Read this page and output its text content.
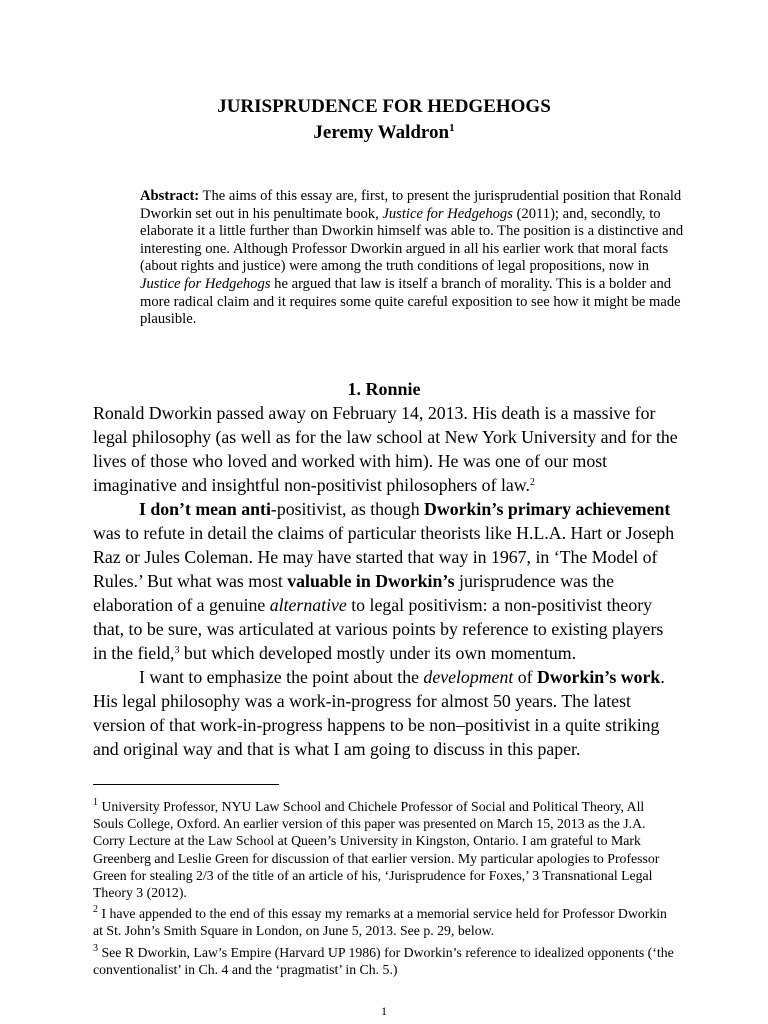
JURISPRUDENCE FOR HEDGEHOGS
Jeremy Waldron$^1$
Abstract: The aims of this essay are, first, to present the jurisprudential position that Ronald Dworkin set out in his penultimate book, Justice for Hedgehogs (2011); and, secondly, to elaborate it a little further than Dworkin himself was able to. The position is a distinctive and interesting one. Although Professor Dworkin argued in all his earlier work that moral facts (about rights and justice) were among the truth conditions of legal propositions, now in Justice for Hedgehogs he argued that law is itself a branch of morality. This is a bolder and more radical claim and it requires some quite careful exposition to see how it might be made plausible.
1. Ronnie

Ronald Dworkin passed away on February 14, 2013. His death is a massive for legal philosophy (as well as for the law school at New York University and for the lives of those who loved and worked with him). He was one of our most imaginative and insightful non-positivist philosophers of law.$^2$

I don’t mean anti-positivist, as though Dworkin’s primary achievement was to refute in detail the claims of particular theorists like H.L.A. Hart or Joseph Raz or Jules Coleman. He may have started that way in 1967, in ‘The Model of Rules.’ But what was most valuable in Dworkin’s jurisprudence was the elaboration of a genuine alternative to legal positivism: a non-positivist theory that, to be sure, was articulated at various points by reference to existing players in the field,$^3$ but which developed mostly under its own momentum.

I want to emphasize the point about the development of Dworkin’s work. His legal philosophy was a work-in-progress for almost 50 years. The latest version of that work-in-progress happens to be non–positivist in a quite striking and original way and that is what I am going to discuss in this paper.

$^1$ University Professor, NYU Law School and Chichele Professor of Social and Political Theory, All Souls College, Oxford. An earlier version of this paper was presented on March 15, 2013 as the J.A. Corry Lecture at the Law School at Queen’s University in Kingston, Ontario. I am grateful to Mark Greenberg and Leslie Green for discussion of that earlier version. My particular apologies to Professor Green for stealing 2/3 of the title of an article of his, ‘Jurisprudence for Foxes,’ 3 Transnational Legal Theory 3 (2012).

$^2$ I have appended to the end of this essay my remarks at a memorial service held for Professor Dworkin at St. John’s Smith Square in London, on June 5, 2013. See p. 29, below.

$^3$ See R Dworkin, Law’s Empire (Harvard UP 1986) for Dworkin’s reference to idealized opponents (‘the conventionalist’ in Ch. 4 and the ‘pragmatist’ in Ch. 5.)

1
